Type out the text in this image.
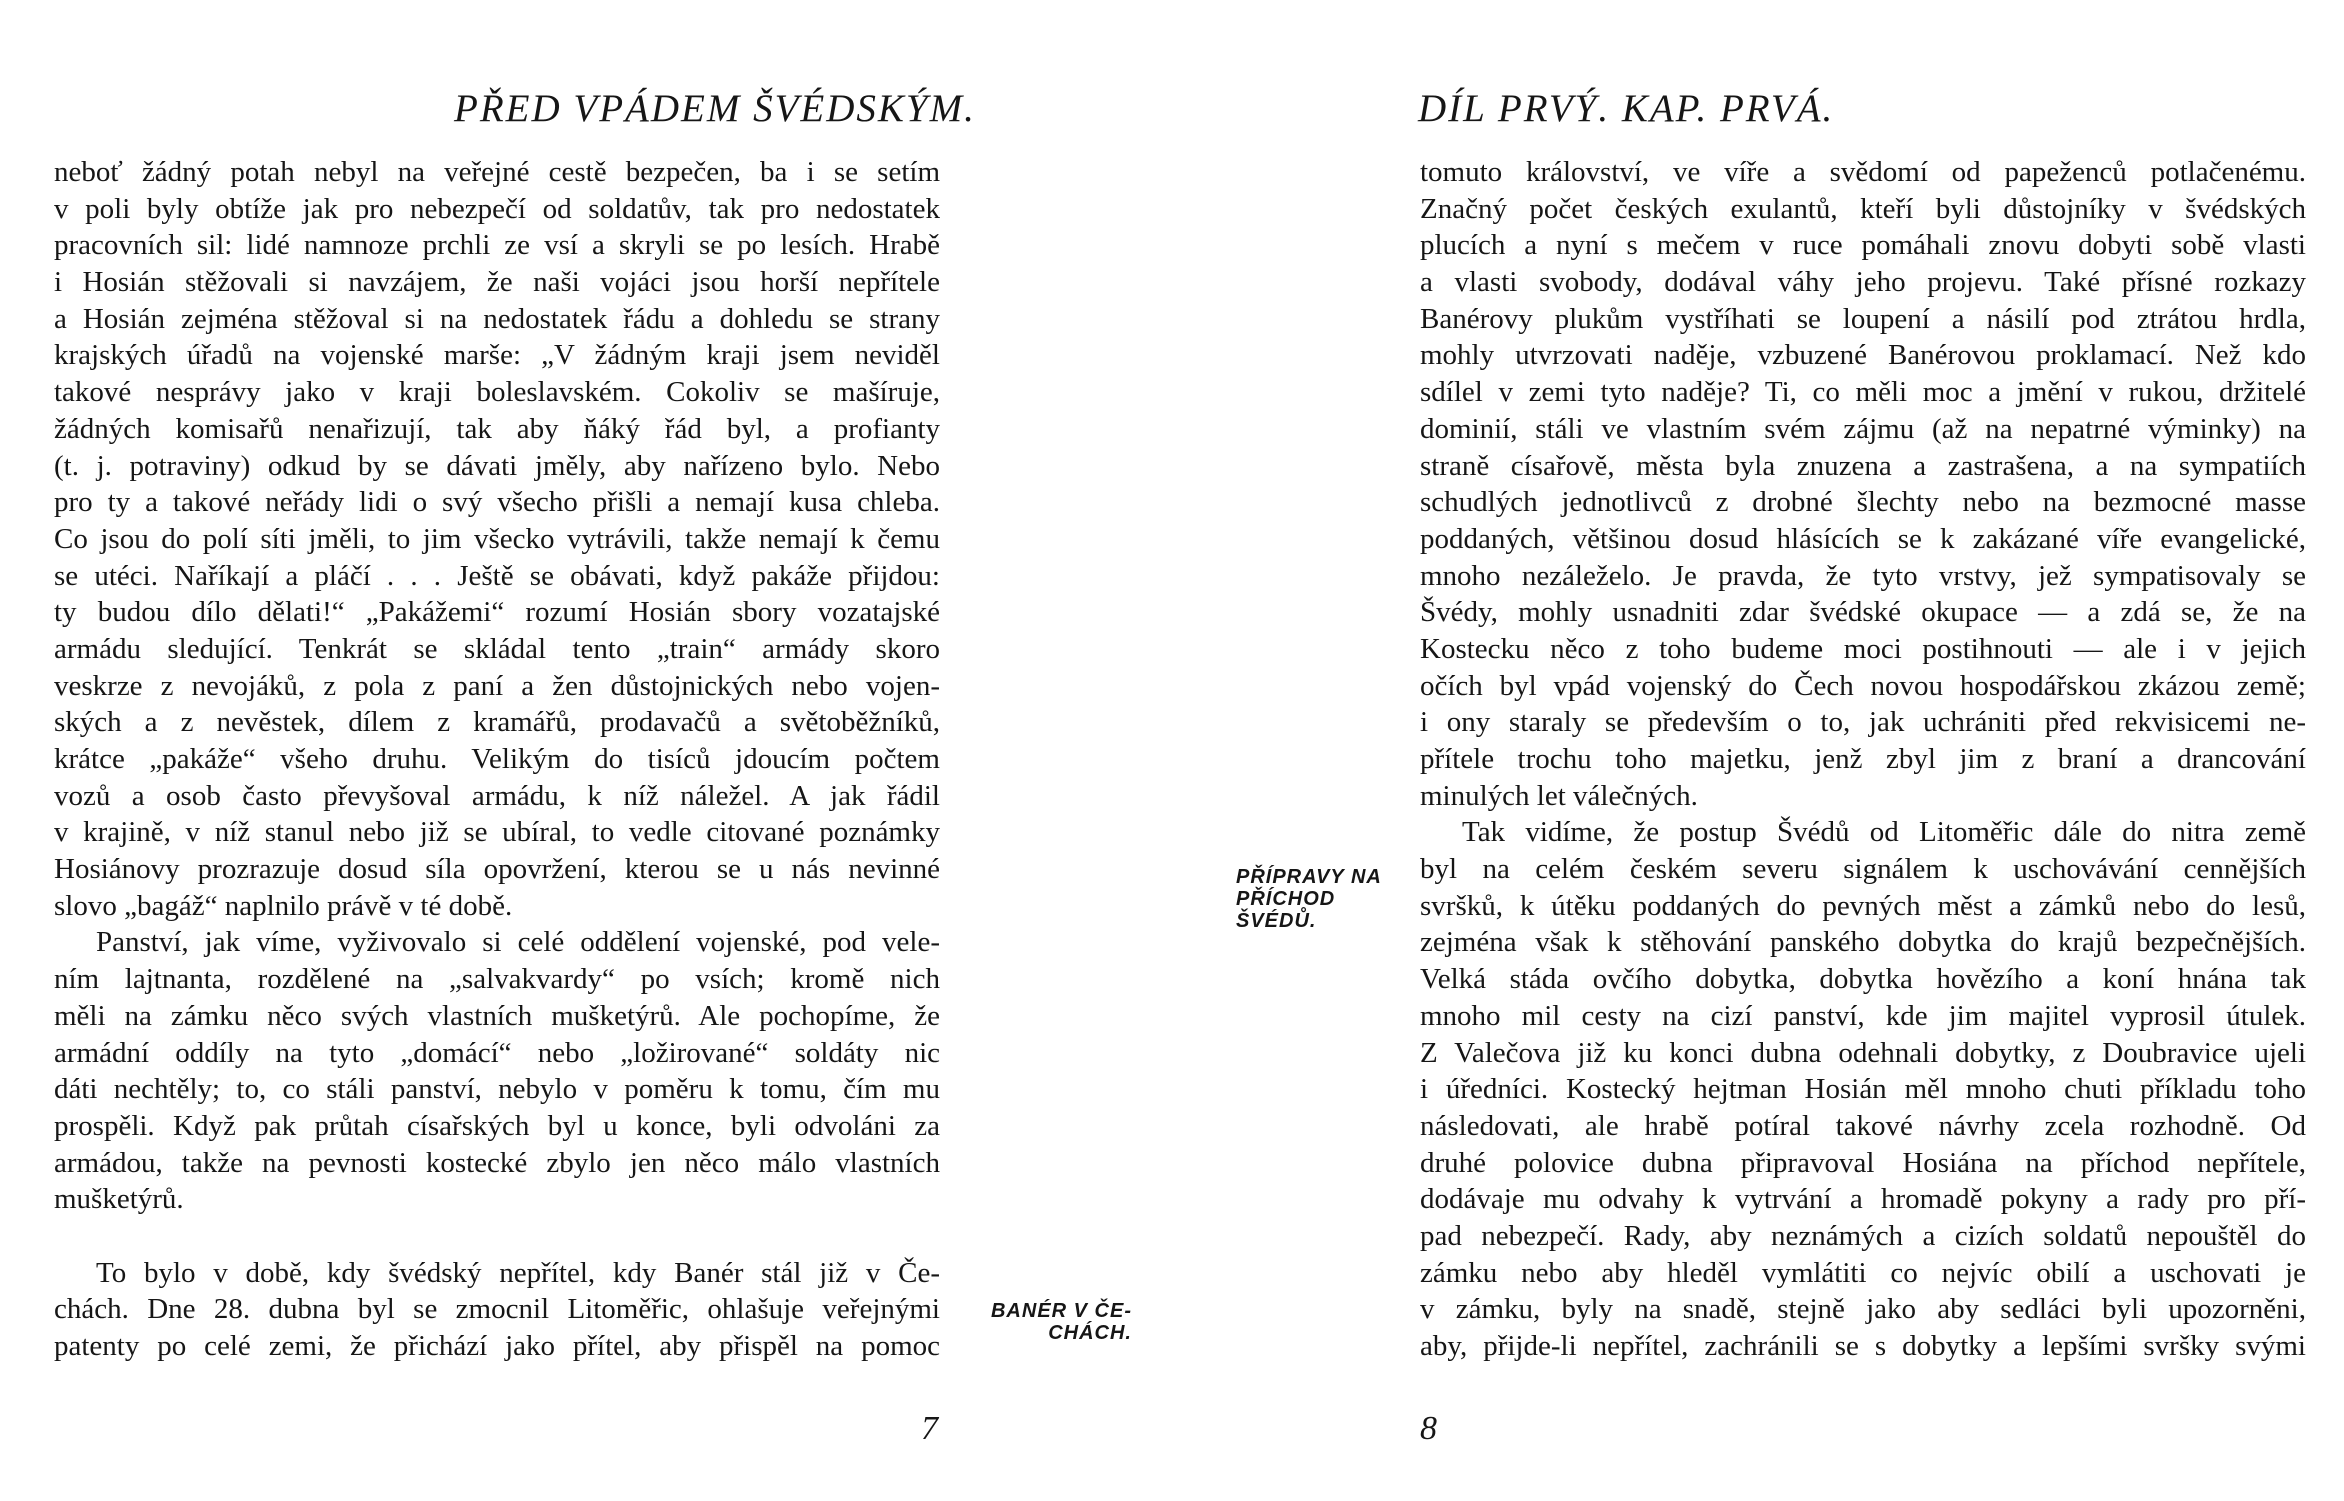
PŘED VPÁDEM ŠVÉDSKÝM.
neboť žádný potah nebyl na veřejné cestě bezpečen, ba i se setím
v poli byly obtíže jak pro nebezpečí od soldatův, tak pro nedostatek
pracovních sil: lidé namnoze prchli ze vsí a skryli se po lesích. Hrabě
i Hosián stěžovali si navzájem, že naši vojáci jsou horší nepřítele
a Hosián zejména stěžoval si na nedostatek řádu a dohledu se strany
krajských úřadů na vojenské marše: „V žádným kraji jsem neviděl
takové nesprávy jako v kraji boleslavském. Cokoliv se mašíruje,
žádných komisařů nenařizují, tak aby ňáký řád byl, a profianty
(t. j. potraviny) odkud by se dávati jměly, aby nařízeno bylo. Nebo
pro ty a takové neřády lidi o svý všecho přišli a nemají kusa chleba.
Co jsou do polí síti jměli, to jim všecko vytrávili, takže nemají k čemu
se utéci. Naříkají a pláčí . . . Ještě se obávati, když pakáže přijdou:
ty budou dílo dělati!“ „Pakážemi“ rozumí Hosián sbory vozatajské
armádu sledující. Tenkrát se skládal tento „train“ armády skoro
veskrze z nevojáků, z pola z paní a žen důstojnických nebo vojen-
ských a z nevěstek, dílem z kramářů, prodavačů a světoběžníků,
krátce „pakáže“ všeho druhu. Velikým do tisíců jdoucím počtem
vozů a osob často převyšoval armádu, k níž náležel. A jak řádil
v krajině, v níž stanul nebo již se ubíral, to vedle citované poznámky
Hosiánovy prozrazuje dosud síla opovržení, kterou se u nás nevinné
slovo „bagáž“ naplnilo právě v té době.
Panství, jak víme, vyživovalo si celé oddělení vojenské, pod vele-
ním lajtnanta, rozdělené na „salvakvardy“ po vsích; kromě nich
měli na zámku něco svých vlastních mušketýrů. Ale pochopíme, že
armádní oddíly na tyto „domácí“ nebo „ložirované“ soldáty nic
dáti nechtěly; to, co stáli panství, nebylo v poměru k tomu, čím mu
prospěli. Když pak průtah císařských byl u konce, byli odvoláni za
armádou, takže na pevnosti kostecké zbylo jen něco málo vlastních
mušketýrů.
To bylo v době, kdy švédský nepřítel, kdy Banér stál již v Če-
chách. Dne 28. dubna byl se zmocnil Litoměřic, ohlašuje veřejnými
patenty po celé zemi, že přichází jako přítel, aby přispěl na pomoc
BANÉR V ČE-
CHÁCH.
7
DÍL PRVÝ. KAP. PRVÁ.
tomuto království, ve víře a svědomí od papeženců potlačenému.
Značný počet českých exulantů, kteří byli důstojníky v švédských
plucích a nyní s mečem v ruce pomáhali znovu dobyti sobě vlasti
a vlasti svobody, dodával váhy jeho projevu. Také přísné rozkazy
Banérovy plukům vystříhati se loupení a násilí pod ztrátou hrdla,
mohly utvrzovati naděje, vzbuzené Banérovou proklamací. Než kdo
sdílel v zemi tyto naděje? Ti, co měli moc a jmění v rukou, držitelé
dominií, stáli ve vlastním svém zájmu (až na nepatrné výminky) na
straně císařově, města byla znuzena a zastrašena, a na sympatiích
schudlých jednotlivců z drobné šlechty nebo na bezmocné masse
poddaných, většinou dosud hlásících se k zakázané víře evangelické,
mnoho nezáleželo. Je pravda, že tyto vrstvy, jež sympatisovaly se
Švédy, mohly usnadniti zdar švédské okupace — a zdá se, že na
Kostecku něco z toho budeme moci postihnouti — ale i v jejich
očích byl vpád vojenský do Čech novou hospodářskou zkázou země;
i ony staraly se především o to, jak uchrániti před rekvisicemi ne-
přítele trochu toho majetku, jenž zbyl jim z braní a drancování
minulých let válečných.
Tak vidíme, že postup Švédů od Litoměřic dále do nitra země
byl na celém českém severu signálem k uschovávání cennějších
svršků, k útěku poddaných do pevných měst a zámků nebo do lesů,
zejména však k stěhování panského dobytka do krajů bezpečnějších.
Velká stáda ovčího dobytka, dobytka hovězího a koní hnána tak
mnoho mil cesty na cizí panství, kde jim majitel vyprosil útulek.
Z Valečova již ku konci dubna odehnali dobytky, z Doubravice ujeli
i úředníci. Kostecký hejtman Hosián měl mnoho chuti příkladu toho
následovati, ale hrabě potíral takové návrhy zcela rozhodně. Od
druhé polovice dubna připravoval Hosiána na příchod nepřítele,
dodávaje mu odvahy k vytrvání a hromadě pokyny a rady pro pří-
pad nebezpečí. Rady, aby neznámých a cizích soldatů nepouštěl do
zámku nebo aby hleděl vymlátiti co nejvíc obilí a uschovati je
v zámku, byly na snadě, stejně jako aby sedláci byli upozorněni,
aby, přijde-li nepřítel, zachránili se s dobytky a lepšími svršky svými
PŘÍPRAVY NA
PŘÍCHOD
ŠVÉDŮ.
8
